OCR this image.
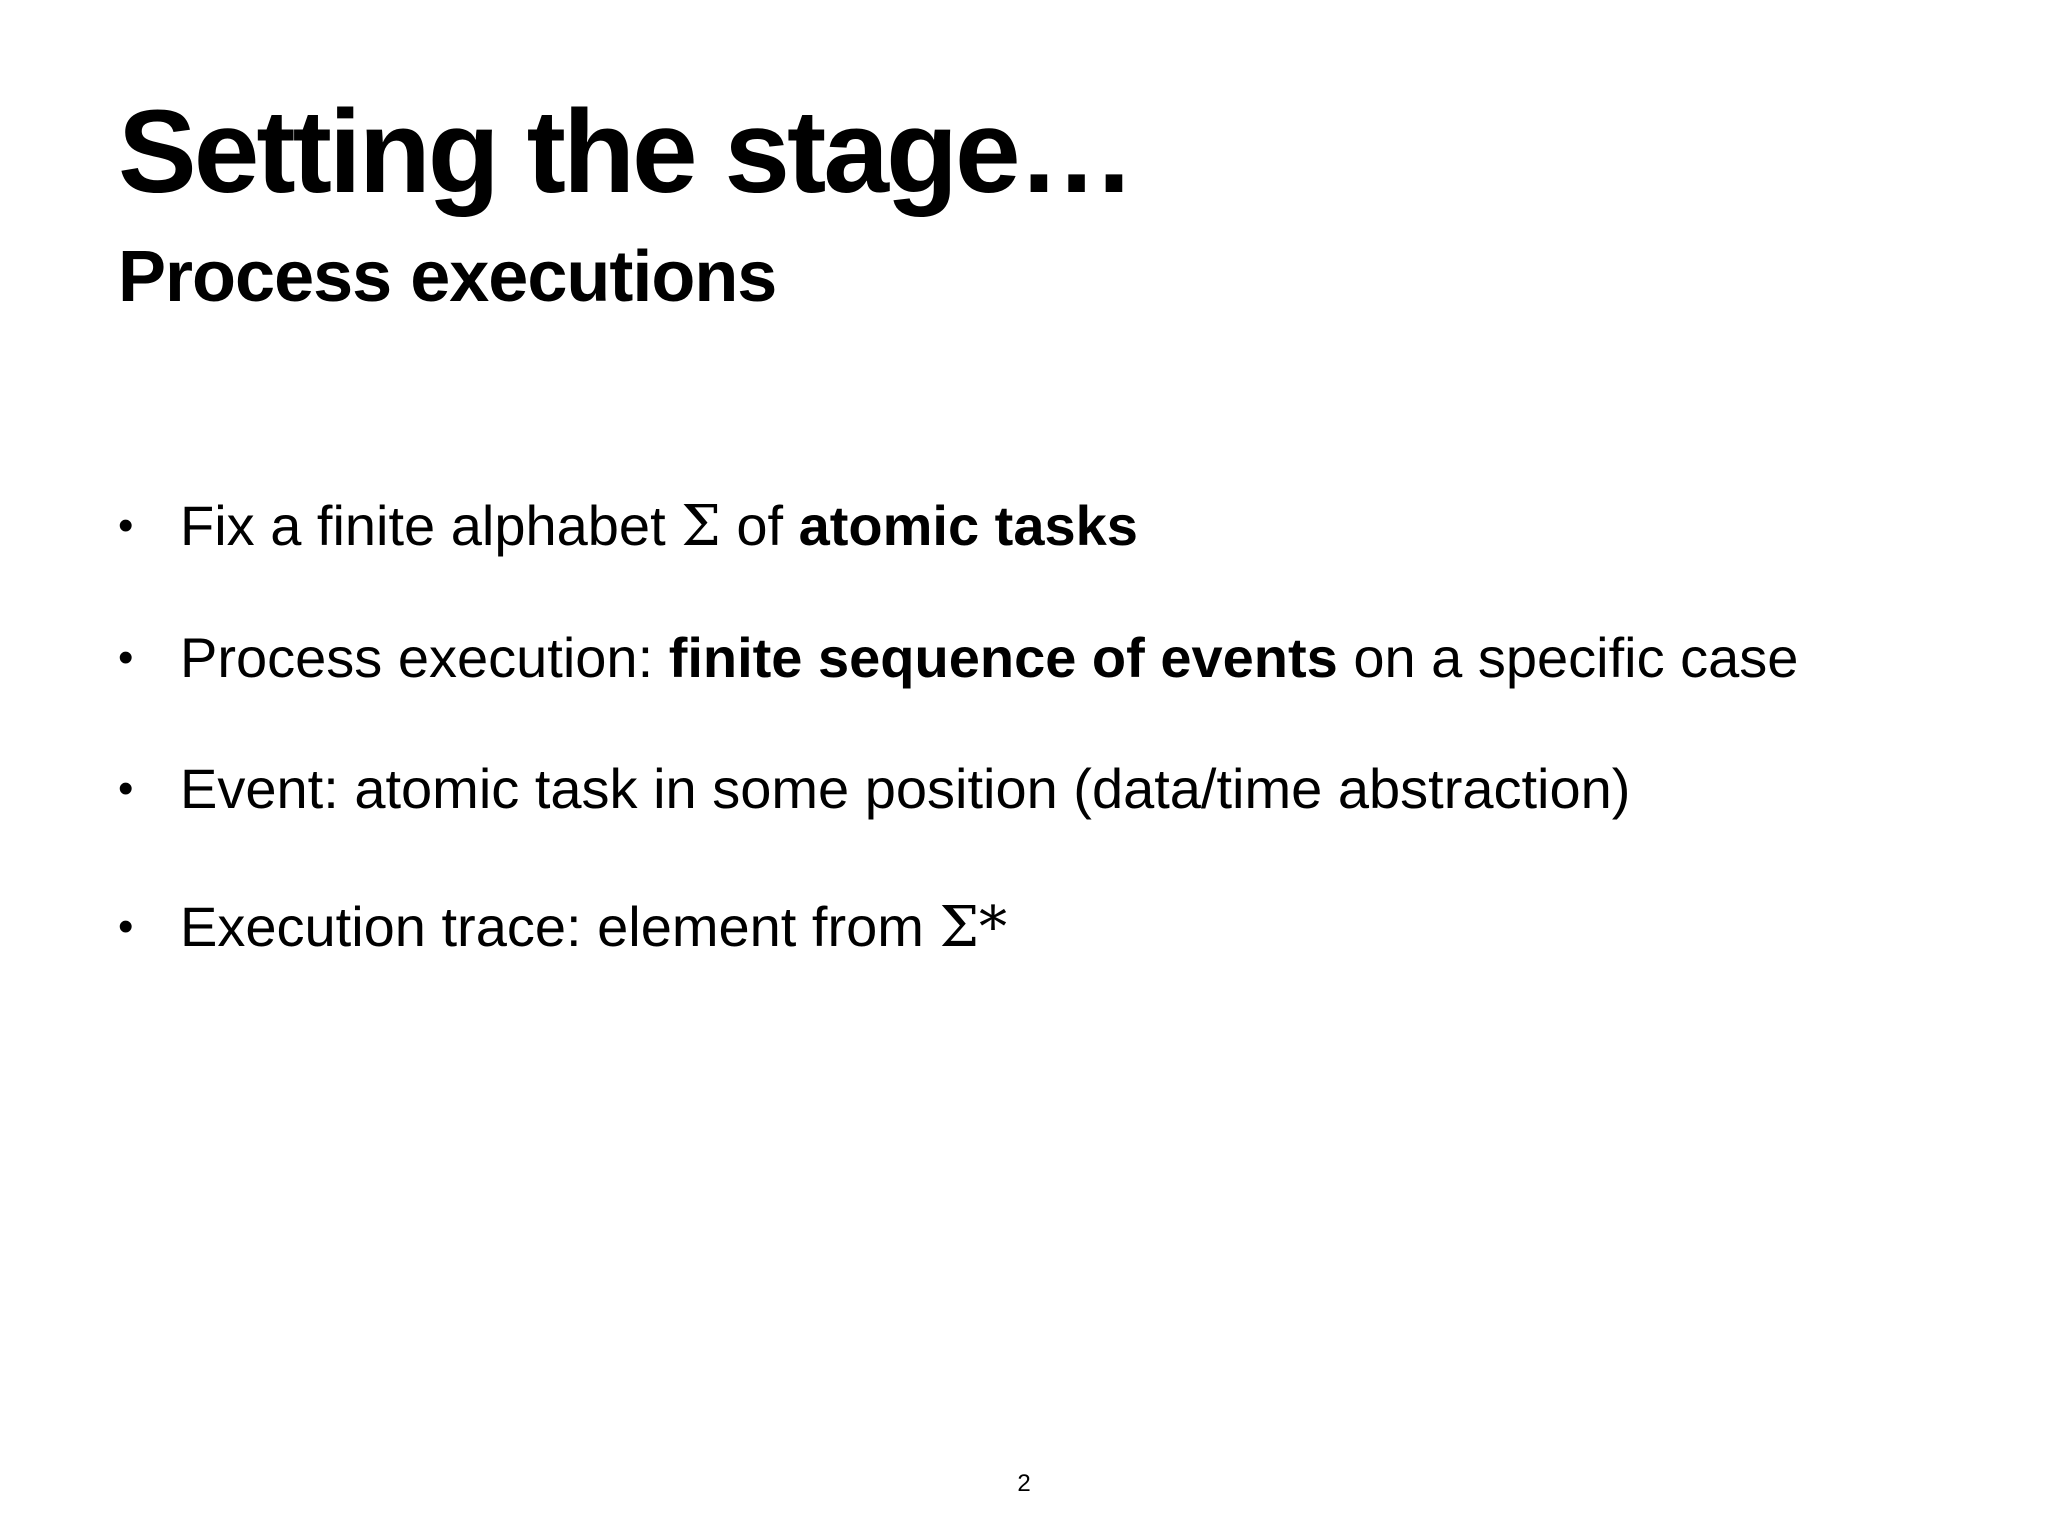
Setting the stage…
Process executions
• Fix a finite alphabet Σ of atomic tasks
• Process execution: finite sequence of events on a specific case
• Event: atomic task in some position (data/time abstraction)
• Execution trace: element from Σ*
2
